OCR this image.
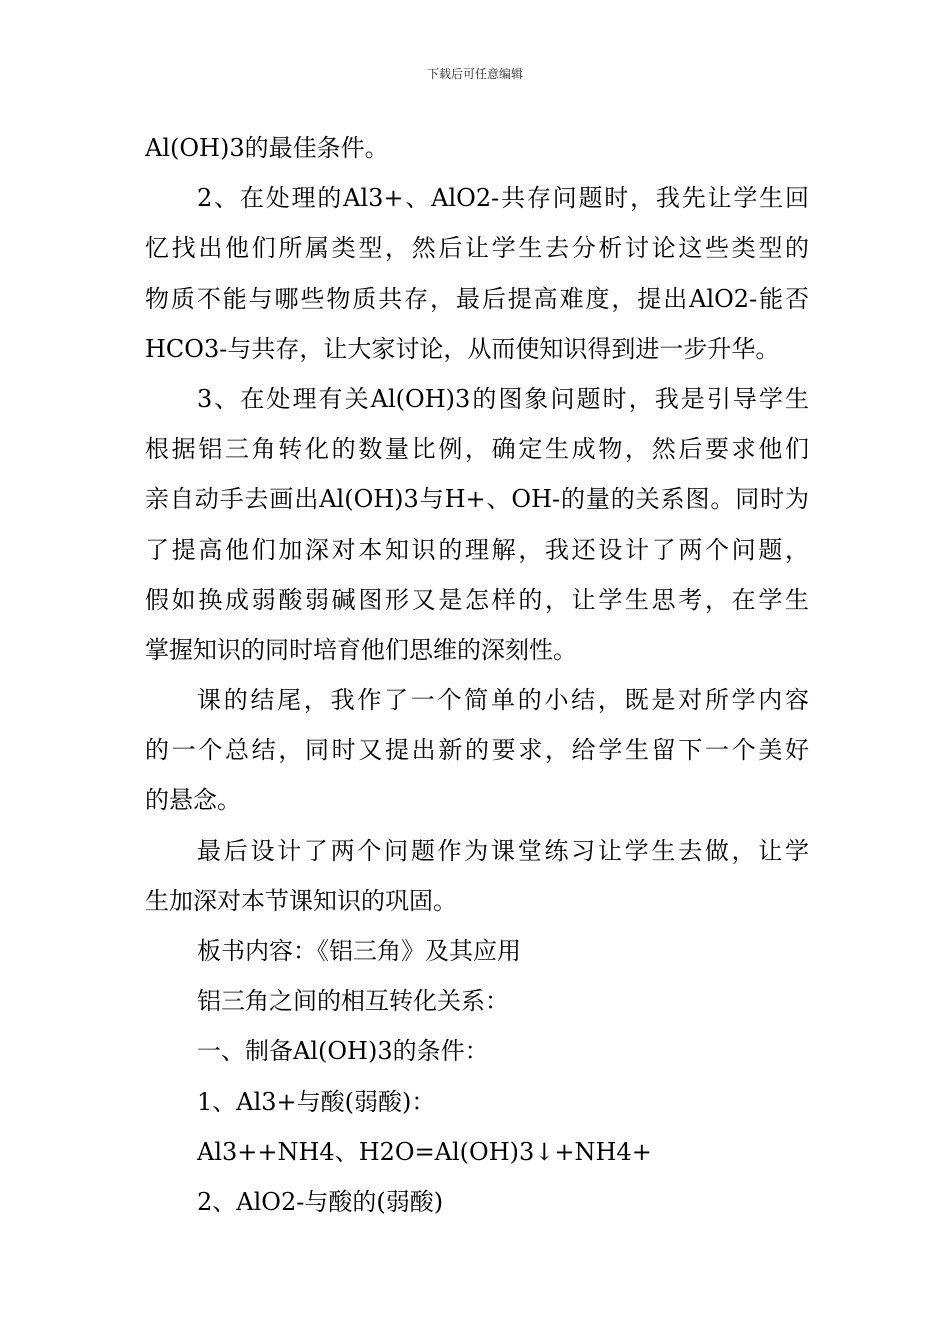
下载后可任意编辑
Al(OH)3的最佳条件。
2、在处理的Al3+、AlO2-共存问题时，我先让学生回
忆找出他们所属类型，然后让学生去分析讨论这些类型的
物质不能与哪些物质共存，最后提高难度，提出AlO2-能否
HCO3-与共存，让大家讨论，从而使知识得到进一步升华。
3、在处理有关Al(OH)3的图象问题时，我是引导学生
根据铝三角转化的数量比例，确定生成物，然后要求他们
亲自动手去画出Al(OH)3与H+、OH-的量的关系图。同时为
了提高他们加深对本知识的理解，我还设计了两个问题，
假如换成弱酸弱碱图形又是怎样的，让学生思考，在学生
掌握知识的同时培育他们思维的深刻性。
课的结尾，我作了一个简单的小结，既是对所学内容
的一个总结，同时又提出新的要求，给学生留下一个美好
的悬念。
最后设计了两个问题作为课堂练习让学生去做，让学
生加深对本节课知识的巩固。
板书内容：《铝三角》及其应用
铝三角之间的相互转化关系：
一、制备Al(OH)3的条件：
1、Al3+与酸(弱酸)：
Al3++NH4、H2O=Al(OH)3↓+NH4+
2、AlO2-与酸的(弱酸)
